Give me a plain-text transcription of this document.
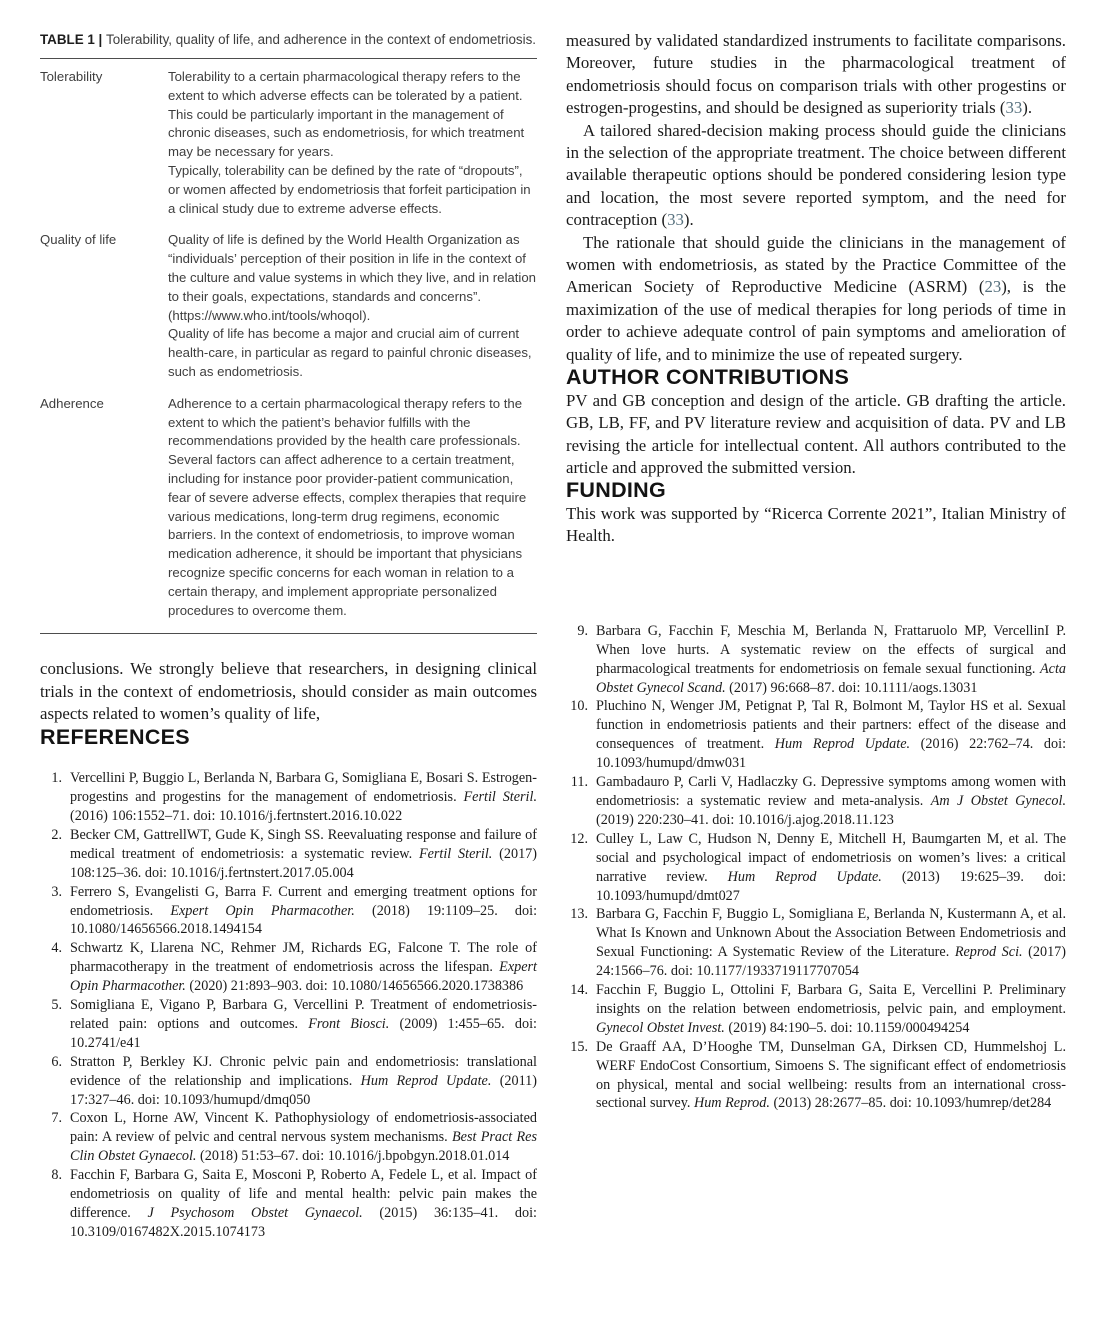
TABLE 1 | Tolerability, quality of life, and adherence in the context of endometriosis.
Tolerability	Tolerability to a certain pharmacological therapy refers to the extent to which adverse effects can be tolerated by a patient. This could be particularly important in the management of chronic diseases, such as endometriosis, for which treatment may be necessary for years.

Typically, tolerability can be defined by the rate of “dropouts”, or women affected by endometriosis that forfeit participation in a clinical study due to extreme adverse effects.

Quality of life	Quality of life is defined by the World Health Organization as “individuals’ perception of their position in life in the context of the culture and value systems in which they live, and in relation to their goals, expectations, standards and concerns”. (https://www.who.int/tools/whoqol).

Quality of life has become a major and crucial aim of current health-care, in particular as regard to painful chronic diseases, such as endometriosis.

Adherence	Adherence to a certain pharmacological therapy refers to the extent to which the patient’s behavior fulfills with the recommendations provided by the health care professionals. Several factors can affect adherence to a certain treatment, including for instance poor provider-patient communication, fear of severe adverse effects, complex therapies that require various medications, long-term drug regimens, economic barriers. In the context of endometriosis, to improve woman medication adherence, it should be important that physicians recognize specific concerns for each woman in relation to a certain therapy, and implement appropriate personalized procedures to overcome them.

conclusions. We strongly believe that researchers, in designing clinical trials in the context of endometriosis, should consider as main outcomes aspects related to women’s quality of life,

REFERENCES
1. Vercellini P, Buggio L, Berlanda N, Barbara G, Somigliana E, Bosari S. Estrogen-progestins and progestins for the management of endometriosis. Fertil Steril. (2016) 106:1552–71. doi: 10.1016/j.fertnstert.2016.10.022
2. Becker CM, GattrellWT, Gude K, Singh SS. Reevaluating response and failure of medical treatment of endometriosis: a systematic review. Fertil Steril. (2017) 108:125–36. doi: 10.1016/j.fertnstert.2017.05.004
3. Ferrero S, Evangelisti G, Barra F. Current and emerging treatment options for endometriosis. Expert Opin Pharmacother. (2018) 19:1109–25. doi: 10.1080/14656566.2018.1494154
4. Schwartz K, Llarena NC, Rehmer JM, Richards EG, Falcone T. The role of pharmacotherapy in the treatment of endometriosis across the lifespan. Expert Opin Pharmacother. (2020) 21:893–903. doi: 10.1080/14656566.2020.1738386
5. Somigliana E, Vigano P, Barbara G, Vercellini P. Treatment of endometriosis-related pain: options and outcomes. Front Biosci. (2009) 1:455–65. doi: 10.2741/e41
6. Stratton P, Berkley KJ. Chronic pelvic pain and endometriosis: translational evidence of the relationship and implications. Hum Reprod Update. (2011) 17:327–46. doi: 10.1093/humupd/dmq050
7. Coxon L, Horne AW, Vincent K. Pathophysiology of endometriosis-associated pain: A review of pelvic and central nervous system mechanisms. Best Pract Res Clin Obstet Gynaecol. (2018) 51:53–67. doi: 10.1016/j.bpobgyn.2018.01.014
8. Facchin F, Barbara G, Saita E, Mosconi P, Roberto A, Fedele L, et al. Impact of endometriosis on quality of life and mental health: pelvic pain makes the difference. J Psychosom Obstet Gynaecol. (2015) 36:135–41. doi: 10.3109/0167482X.2015.1074173

measured by validated standardized instruments to facilitate comparisons. Moreover, future studies in the pharmacological treatment of endometriosis should focus on comparison trials with other progestins or estrogen-progestins, and should be designed as superiority trials (33).

A tailored shared-decision making process should guide the clinicians in the selection of the appropriate treatment. The choice between different available therapeutic options should be pondered considering lesion type and location, the most severe reported symptom, and the need for contraception (33).

The rationale that should guide the clinicians in the management of women with endometriosis, as stated by the Practice Committee of the American Society of Reproductive Medicine (ASRM) (23), is the maximization of the use of medical therapies for long periods of time in order to achieve adequate control of pain symptoms and amelioration of quality of life, and to minimize the use of repeated surgery.

AUTHOR CONTRIBUTIONS

PV and GB conception and design of the article. GB drafting the article. GB, LB, FF, and PV literature review and acquisition of data. PV and LB revising the article for intellectual content. All authors contributed to the article and approved the submitted version.

FUNDING

This work was supported by “Ricerca Corrente 2021”, Italian Ministry of Health.

9. Barbara G, Facchin F, Meschia M, Berlanda N, Frattaruolo MP, VercellinI P. When love hurts. A systematic review on the effects of surgical and pharmacological treatments for endometriosis on female sexual functioning. Acta Obstet Gynecol Scand. (2017) 96:668–87. doi: 10.1111/aogs.13031
10. Pluchino N, Wenger JM, Petignat P, Tal R, Bolmont M, Taylor HS et al. Sexual function in endometriosis patients and their partners: effect of the disease and consequences of treatment. Hum Reprod Update. (2016) 22:762–74. doi: 10.1093/humupd/dmw031
11. Gambadauro P, Carli V, Hadlaczky G. Depressive symptoms among women with endometriosis: a systematic review and meta-analysis. Am J Obstet Gynecol. (2019) 220:230–41. doi: 10.1016/j.ajog.2018.11.123
12. Culley L, Law C, Hudson N, Denny E, Mitchell H, Baumgarten M, et al. The social and psychological impact of endometriosis on women’s lives: a critical narrative review. Hum Reprod Update. (2013) 19:625–39. doi: 10.1093/humupd/dmt027
13. Barbara G, Facchin F, Buggio L, Somigliana E, Berlanda N, Kustermann A, et al. What Is Known and Unknown About the Association Between Endometriosis and Sexual Functioning: A Systematic Review of the Literature. Reprod Sci. (2017) 24:1566–76. doi: 10.1177/1933719117707054
14. Facchin F, Buggio L, Ottolini F, Barbara G, Saita E, Vercellini P. Preliminary insights on the relation between endometriosis, pelvic pain, and employment. Gynecol Obstet Invest. (2019) 84:190–5. doi: 10.1159/000494254
15. De Graaff AA, D’Hooghe TM, Dunselman GA, Dirksen CD, Hummelshoj L. WERF EndoCost Consortium, Simoens S. The significant effect of endometriosis on physical, mental and social wellbeing: results from an international cross-sectional survey. Hum Reprod. (2013) 28:2677–85. doi: 10.1093/humrep/det284
